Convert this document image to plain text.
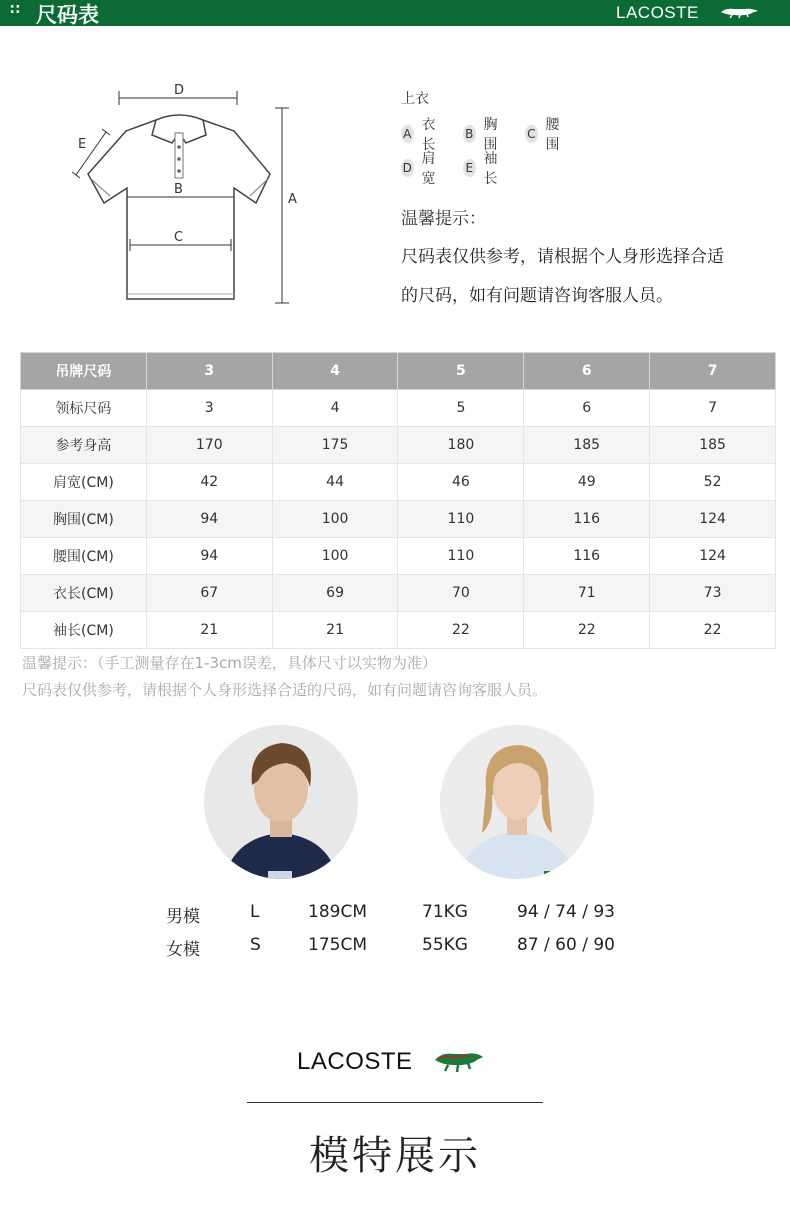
∷ 尺码表	LACOSTE
D
E
A
B
C
上衣
A
衣长
B
胸围
C
腰围
D
肩宽
E
袖长
温馨提示：
尺码表仅供参考，请根据个人身形选择合适
的尺码，如有问题请咨询客服人员。
吊牌尺码	3	4	5	6	7
领标尺码	3	4	5	6	7
参考身高	170	175	180	185	185
肩宽(CM)	42	44	46	49	52
胸围(CM)	94	100	110	116	124
腰围(CM)	94	100	110	116	124
衣长(CM)	67	69	70	71	73
袖长(CM)	21	21	22	22	22
温馨提示：（手工测量存在1-3cm误差，具体尺寸以实物为准）
尺码表仅供参考，请根据个人身形选择合适的尺码，如有问题请咨询客服人员。
男模	L	189CM	71KG	94 / 74 / 93
女模	S	175CM	55KG	87 / 60 / 90
LACOSTE
模特展示
